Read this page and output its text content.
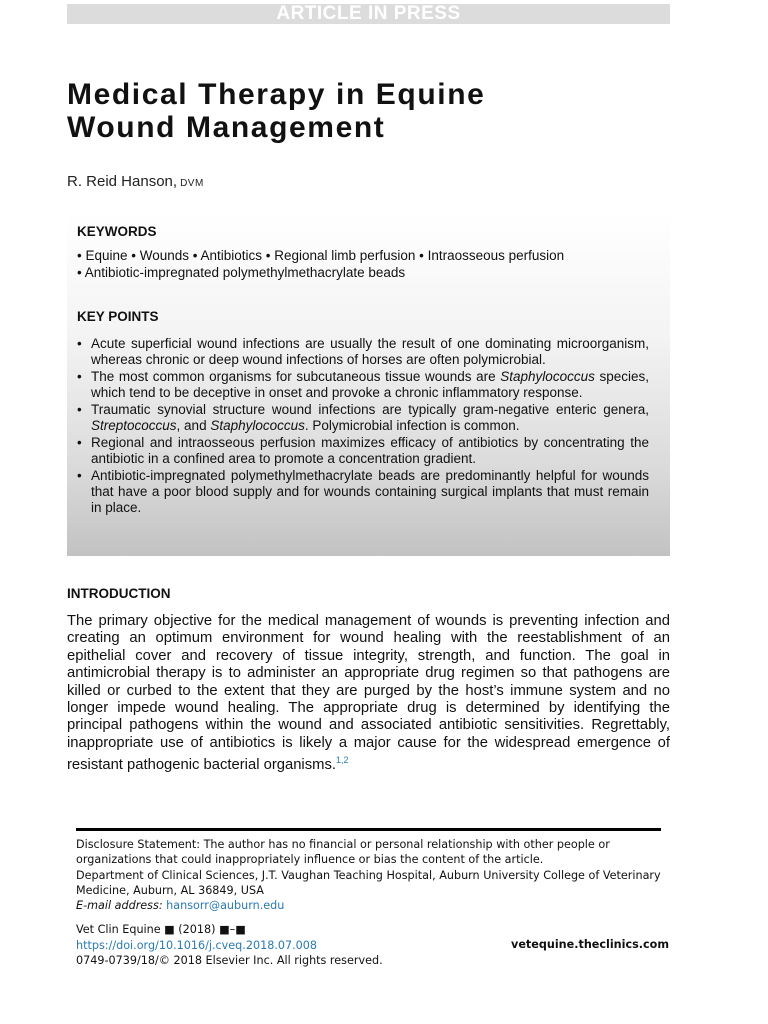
ARTICLE IN PRESS
Medical Therapy in Equine
Wound Management
R. Reid Hanson, DVM
KEYWORDS
• Equine • Wounds • Antibiotics • Regional limb perfusion • Intraosseous perfusion
• Antibiotic-impregnated polymethylmethacrylate beads
KEY POINTS
• Acute superficial wound infections are usually the result of one dominating microorganism, whereas chronic or deep wound infections of horses are often polymicrobial.
• The most common organisms for subcutaneous tissue wounds are Staphylococcus species, which tend to be deceptive in onset and provoke a chronic inflammatory response.
• Traumatic synovial structure wound infections are typically gram-negative enteric genera, Streptococcus, and Staphylococcus. Polymicrobial infection is common.
• Regional and intraosseous perfusion maximizes efficacy of antibiotics by concentrating the antibiotic in a confined area to promote a concentration gradient.
• Antibiotic-impregnated polymethylmethacrylate beads are predominantly helpful for wounds that have a poor blood supply and for wounds containing surgical implants that must remain in place.
INTRODUCTION

The primary objective for the medical management of wounds is preventing infection and creating an optimum environment for wound healing with the reestablishment of an epithelial cover and recovery of tissue integrity, strength, and function. The goal in antimicrobial therapy is to administer an appropriate drug regimen so that pathogens are killed or curbed to the extent that they are purged by the host’s immune system and no longer impede wound healing. The appropriate drug is determined by identifying the principal pathogens within the wound and associated antibiotic sensitivities. Regrettably, inappropriate use of antibiotics is likely a major cause for the widespread emergence of resistant pathogenic bacterial organisms.$^{1,2}$

Disclosure Statement: The author has no financial or personal relationship with other people or organizations that could inappropriately influence or bias the content of the article.

Department of Clinical Sciences, J.T. Vaughan Teaching Hospital, Auburn University College of Veterinary Medicine, Auburn, AL 36849, USA

E-mail address: hansorr@auburn.edu

Vet Clin Equine ■ (2018) ■–■

https://doi.org/10.1016/j.cveq.2018.07.008

0749-0739/18/© 2018 Elsevier Inc. All rights reserved.

vetequine.theclinics.com
